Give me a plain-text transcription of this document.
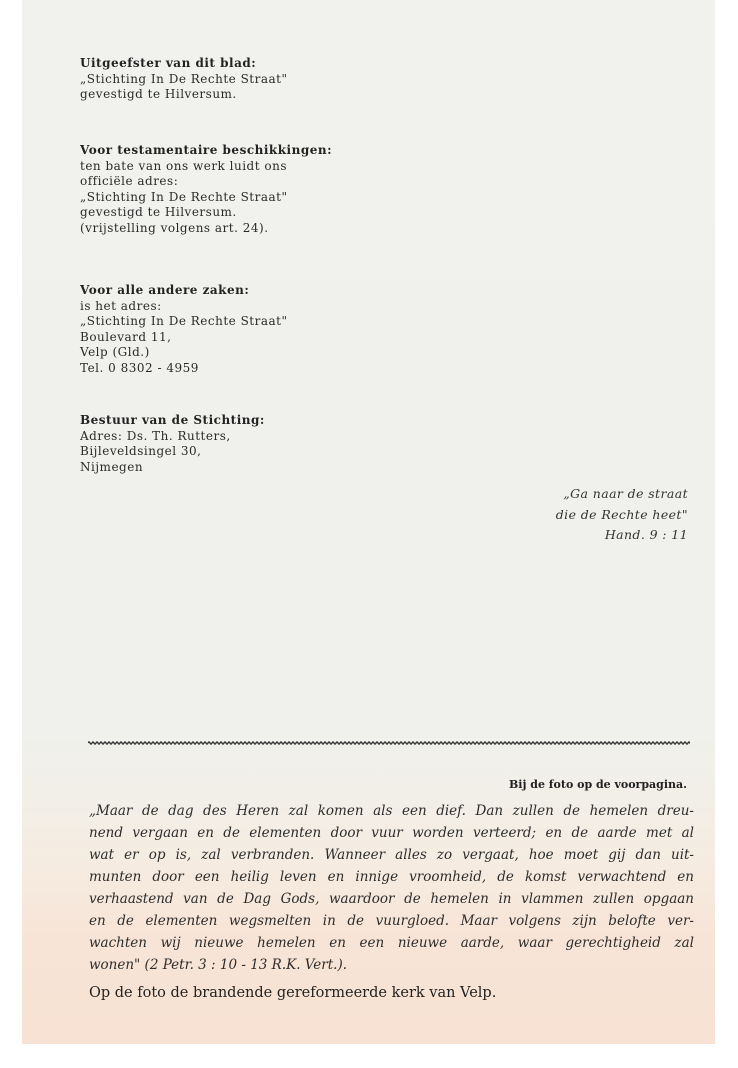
Uitgeefster van dit blad:
„Stichting In De Rechte Straat"
gevestigd te Hilversum.
Voor testamentaire beschikkingen:
ten bate van ons werk luidt ons
officiële adres:
„Stichting In De Rechte Straat"
gevestigd te Hilversum.
(vrijstelling volgens art. 24).
Voor alle andere zaken:
is het adres:
„Stichting In De Rechte Straat"
Boulevard 11,
Velp (Gld.)
Tel. 0 8302 - 4959
Bestuur van de Stichting:
Adres: Ds. Th. Rutters,
Bijleveldsingel 30,
Nijmegen
„Ga naar de straat
die de Rechte heet"
Hand. 9 : 11
Bij de foto op de voorpagina.
„Maar de dag des Heren zal komen als een dief. Dan zullen de hemelen dreu-
nend vergaan en de elementen door vuur worden verteerd; en de aarde met al
wat er op is, zal verbranden. Wanneer alles zo vergaat, hoe moet gij dan uit-
munten door een heilig leven en innige vroomheid, de komst verwachtend en
verhaastend van de Dag Gods, waardoor de hemelen in vlammen zullen opgaan
en de elementen wegsmelten in de vuurgloed. Maar volgens zijn belofte ver-
wachten wij nieuwe hemelen en een nieuwe aarde, waar gerechtigheid zal
wonen" (2 Petr. 3 : 10 - 13 R.K. Vert.).
Op de foto de brandende gereformeerde kerk van Velp.
